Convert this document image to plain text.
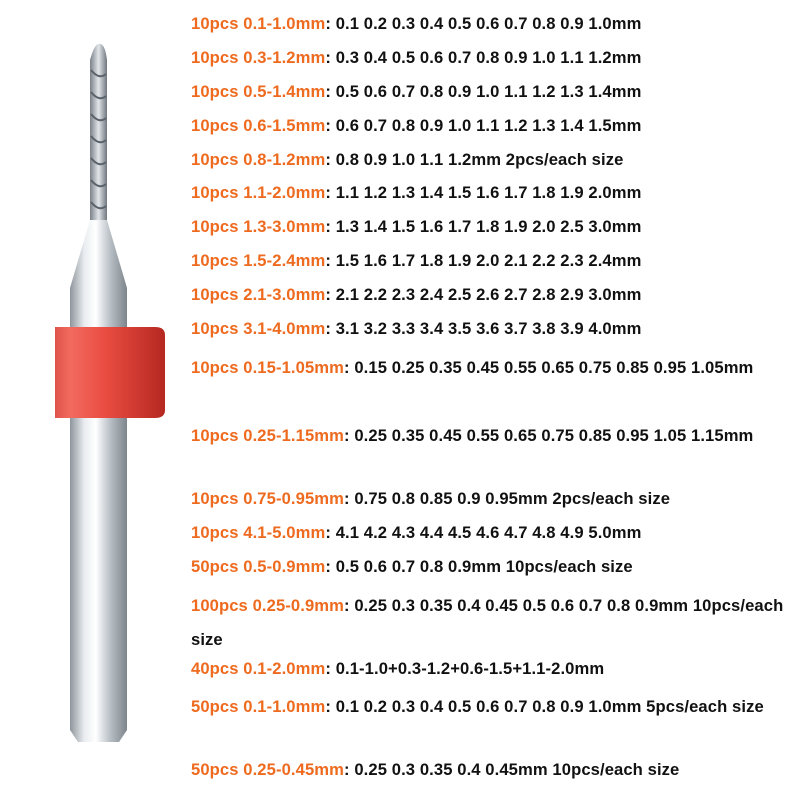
10pcs 0.1-1.0mm: 0.1 0.2 0.3 0.4 0.5 0.6 0.7 0.8 0.9 1.0mm
10pcs 0.3-1.2mm: 0.3 0.4 0.5 0.6 0.7 0.8 0.9 1.0 1.1 1.2mm
10pcs 0.5-1.4mm: 0.5 0.6 0.7 0.8 0.9 1.0 1.1 1.2 1.3 1.4mm
10pcs 0.6-1.5mm: 0.6 0.7 0.8 0.9 1.0 1.1 1.2 1.3 1.4 1.5mm
10pcs 0.8-1.2mm: 0.8 0.9 1.0 1.1 1.2mm 2pcs/each size
10pcs 1.1-2.0mm: 1.1 1.2 1.3 1.4 1.5 1.6 1.7 1.8 1.9 2.0mm
10pcs 1.3-3.0mm: 1.3 1.4 1.5 1.6 1.7 1.8 1.9 2.0 2.5 3.0mm
10pcs 1.5-2.4mm: 1.5 1.6 1.7 1.8 1.9 2.0 2.1 2.2 2.3 2.4mm
10pcs 2.1-3.0mm: 2.1 2.2 2.3 2.4 2.5 2.6 2.7 2.8 2.9 3.0mm
10pcs 3.1-4.0mm: 3.1 3.2 3.3 3.4 3.5 3.6 3.7 3.8 3.9 4.0mm
10pcs 0.15-1.05mm: 0.15 0.25 0.35 0.45 0.55 0.65 0.75 0.85 0.95 1.05mm
10pcs 0.25-1.15mm: 0.25 0.35 0.45 0.55 0.65 0.75 0.85 0.95 1.05 1.15mm
10pcs 0.75-0.95mm: 0.75 0.8 0.85 0.9 0.95mm 2pcs/each size
10pcs 4.1-5.0mm: 4.1 4.2 4.3 4.4 4.5 4.6 4.7 4.8 4.9 5.0mm
50pcs 0.5-0.9mm: 0.5 0.6 0.7 0.8 0.9mm 10pcs/each size
100pcs 0.25-0.9mm: 0.25 0.3 0.35 0.4 0.45 0.5 0.6 0.7 0.8 0.9mm 10pcs/each size
40pcs 0.1-2.0mm: 0.1-1.0+0.3-1.2+0.6-1.5+1.1-2.0mm
50pcs 0.1-1.0mm: 0.1 0.2 0.3 0.4 0.5 0.6 0.7 0.8 0.9 1.0mm 5pcs/each size
50pcs 0.25-0.45mm: 0.25 0.3 0.35 0.4 0.45mm 10pcs/each size
